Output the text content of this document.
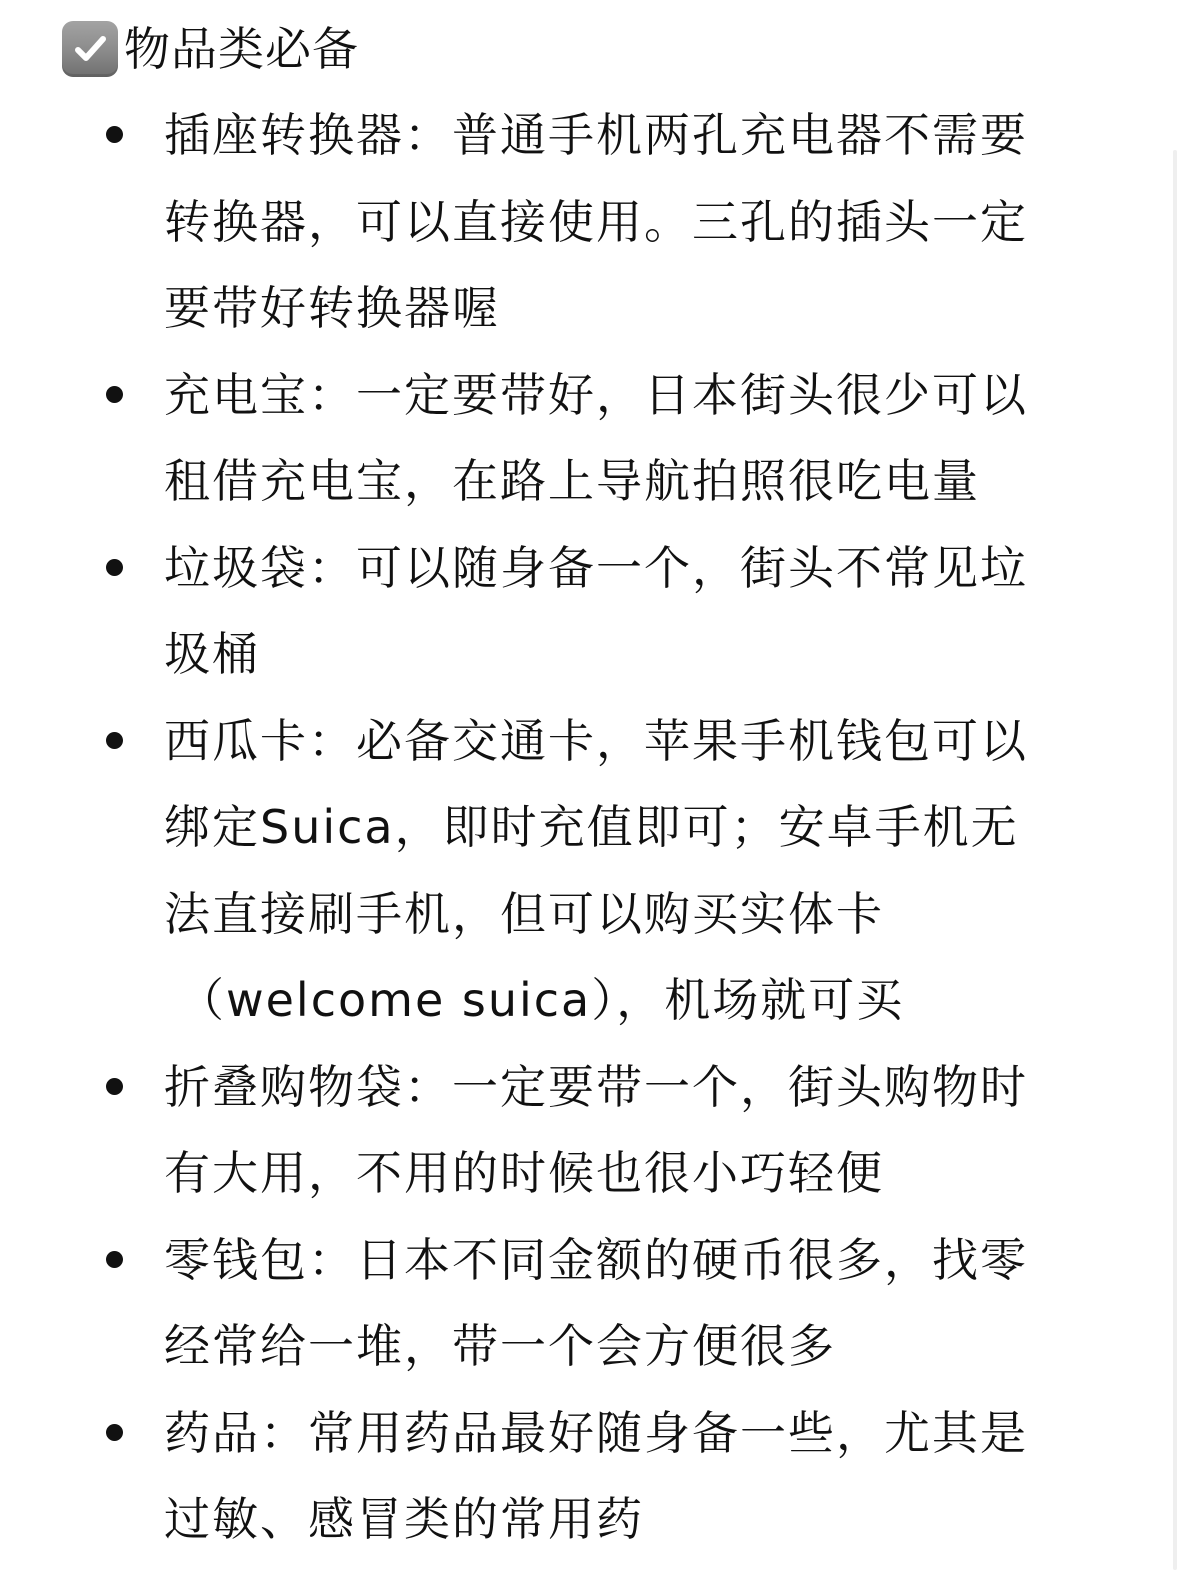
物品类必备
插座转换器：普通手机两孔充电器不需要
转换器，可以直接使用。三孔的插头一定
要带好转换器喔
充电宝：一定要带好，日本街头很少可以
租借充电宝，在路上导航拍照很吃电量
垃圾袋：可以随身备一个，街头不常见垃
圾桶
西瓜卡：必备交通卡，苹果手机钱包可以
绑定Suica，即时充值即可；安卓手机无
法直接刷手机，但可以购买实体卡
（welcome suica），机场就可买
折叠购物袋：一定要带一个，街头购物时
有大用，不用的时候也很小巧轻便
零钱包：日本不同金额的硬币很多，找零
经常给一堆，带一个会方便很多
药品：常用药品最好随身备一些，尤其是
过敏、感冒类的常用药
